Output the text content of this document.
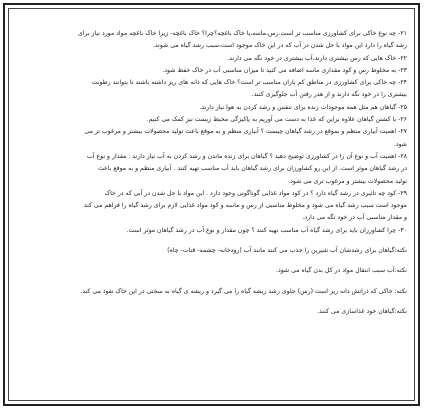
۲۱- چه نوع خاکی برای کشاورزی مناسب تر است.رس،ماسه،یا خاک باغچه؟چرا؟ خاک باغچه- زیرا خاک باغچه مواد مورد نیاز برای

رشد گیاه را دارد این مواد با حل شدن در آب که در این خاک موجود است،سبب رشد گیاه می شوند.

۲۲- خاک هایی که رس بیشتری دارند،آب بیشتری در خود نگه می دارند.

۲۳- به مخلوط رس و کود مقداری ماسه اضافه می کنید تا میزان مناسبی آب در خاک حفظ شود.

۲۴- چه خاکی برای کشاورزی در مناطق کم باران مناسب تر است؟ خاک هایی که ذانه های ریز داشته باشند تا بتوانند رطوبت

بیشتری را در خود نگه دارند و از هدر رفتن آب جلوگیری کنند.

۲۵- گیاهان هم مثل همه موجودات زنده برای تنفس و رشد کردن به هوا نیاز دارند.

۲۶- با کشتن گیاهان علاوه براین که غذا به دست می آوریم به پاکیزگی محیط زیست نیز کمک می کنیم.

۲۷- اهمیت آبیاری منظم و بموقع در رشد گیاهان چیست ؟ آبیاری منظم و به موقع باعث تولید محصولات بیشتر و مرغوب تر می

شود.

۲۸- اهمیت آب و نوع آن را در کشاورزی توضیح دهید ؟ گیاهان برای زنده ماندن و رشد کردن به آب نیاز دارند . مقدار و نوع آب

در رشد گیاهان موثر است. از این رو کشاورزان برای رشد گیاهان باید آب مناسب تهیه کنند . آبیاری منظم و به موقع باعث

تولید محصولات بیشتر و مرغوب تری می شود.

۲۹- کود چه تاثیری در رشد گیاه دارد ؟ در کود مواد غذایی گوناگونی وجود دارد . این مواد با حل شدن در آبی که در خاک

موجود است سبب رشد گیاه می شود و مخلوط مناسبی از رس و ماسه و کود مواد غذایی لازم برای رشد گیاه را فراهم می کند

و مقدار مناسبی آب در خود نگه می دارد.

۳۰- چرا کشاورزان باید برای رشد گیاه آب مناسب تهیه کنند ؟ چون مقدار و نوع آب در رشد گیاهان موثر است.

نکته:گیاهان برای رشدشان آب شیرین را جذب می کنند مانند آب (رودخانه- چشمه- قنات- چاه)

نکته:آب سبب انتقال مواد در کل بدن گیاه می شود.

نکته: خاکی که ذراتش دانه ریز است (رس) جلوی رشد ریشه گیاه را می گیرد و ریشه ی گیاه به سختی در این خاک نفوذ می کند.

نکته:گیاهان خود غذاسازی می کنند.
